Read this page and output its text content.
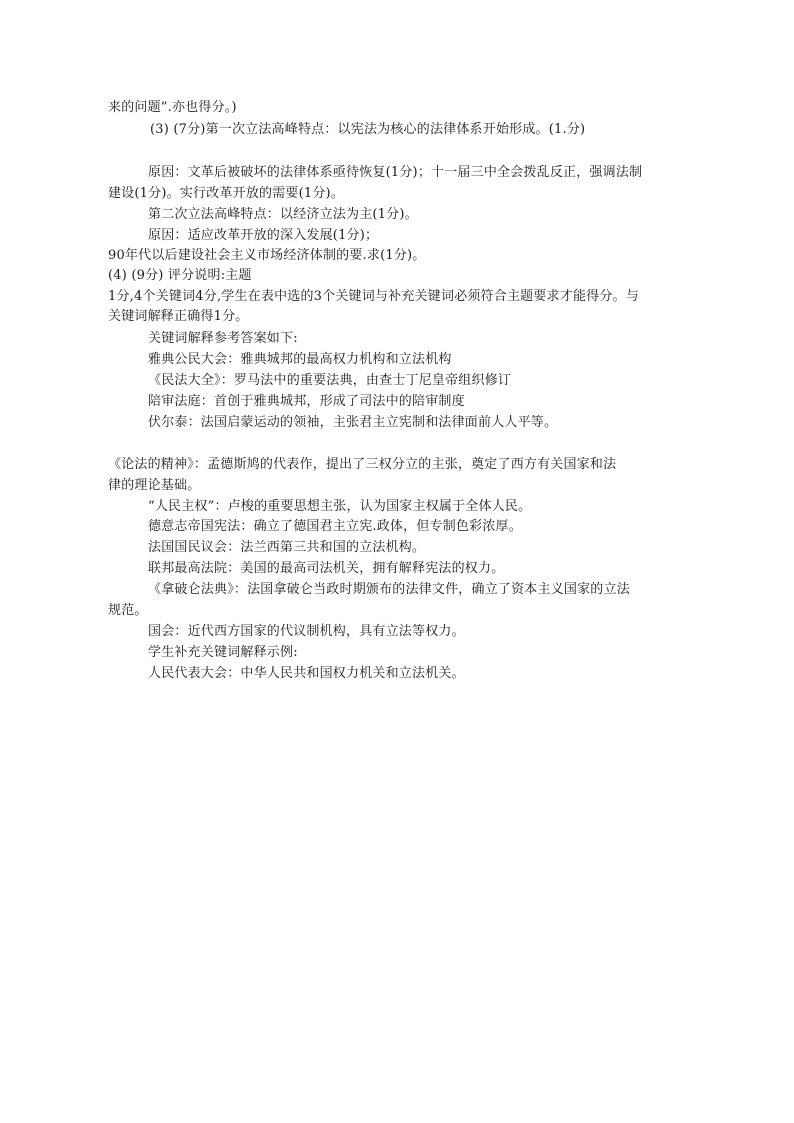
来的问题”.亦也得分。)
(3) (7分)第一次立法高峰特点：以宪法为核心的法律体系开始形成。(1.分)
原因：文革后被破坏的法律体系亟待恢复(1分)；十一届三中全会拨乱反正，强调法制
建设(1分)。实行改革开放的需要(1分)。
第二次立法高峰特点：以经济立法为主(1分)。
原因：适应改革开放的深入发展(1分)；
90年代以后建设社会主义市场经济体制的要.求(1分)。
(4) (9分) 评分说明:主题
1分,4个关键词4分,学生在表中选的3个关键词与补充关键词必须符合主题要求才能得分。与
关键词解释正确得1分。
关键词解释参考答案如下:
雅典公民大会：雅典城邦的最高权力机构和立法机构
《民法大全》：罗马法中的重要法典，由查士丁尼皇帝组织修订
陪审法庭：首创于雅典城邦，形成了司法中的陪审制度
伏尔泰：法国启蒙运动的领袖，主张君主立宪制和法律面前人人平等。
《论法的精神》：孟德斯鸠的代表作，提出了三权分立的主张，奠定了西方有关国家和法
律的理论基础。
“人民主权”：卢梭的重要思想主张，认为国家主权属于全体人民。
德意志帝国宪法：确立了德国君主立宪.政体，但专制色彩浓厚。
法国国民议会：法兰西第三共和国的立法机构。
联邦最高法院：美国的最高司法机关，拥有解释宪法的权力。
《拿破仑法典》：法国拿破仑当政时期颁布的法律文件，确立了资本主义国家的立法
规范。
国会：近代西方国家的代议制机构，具有立法等权力。
学生补充关键词解释示例:
人民代表大会：中华人民共和国权力机关和立法机关。
